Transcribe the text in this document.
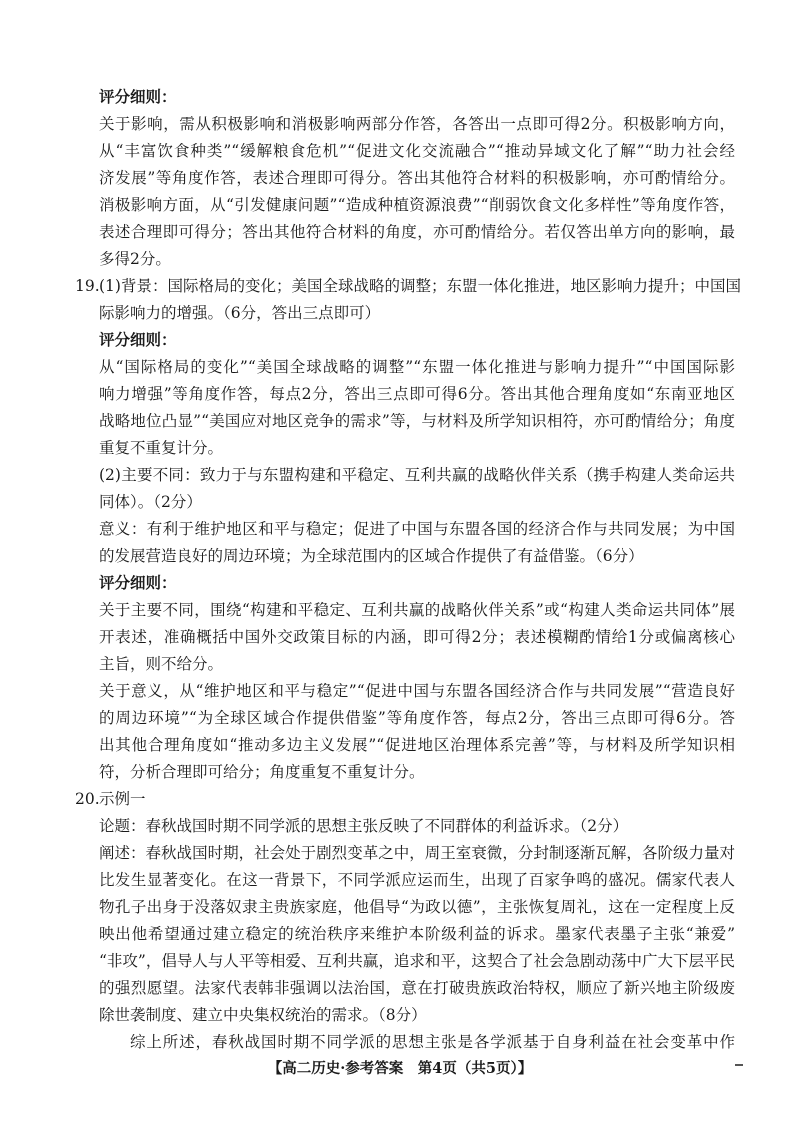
评分细则：
关于影响，需从积极影响和消极影响两部分作答，各答出一点即可得2分。积极影响方向，
从“丰富饮食种类”“缓解粮食危机”“促进文化交流融合”“推动异域文化了解”“助力社会经
济发展”等角度作答，表述合理即可得分。答出其他符合材料的积极影响，亦可酌情给分。
消极影响方面，从“引发健康问题”“造成种植资源浪费”“削弱饮食文化多样性”等角度作答，
表述合理即可得分；答出其他符合材料的角度，亦可酌情给分。若仅答出单方向的影响，最
多得2分。
19. (1)背景：国际格局的变化；美国全球战略的调整；东盟一体化推进，地区影响力提升；中国国
际影响力的增强。（6分，答出三点即可）
评分细则：
从“国际格局的变化”“美国全球战略的调整”“东盟一体化推进与影响力提升”“中国国际影
响力增强”等角度作答，每点2分，答出三点即可得6分。答出其他合理角度如“东南亚地区
战略地位凸显”“美国应对地区竞争的需求”等，与材料及所学知识相符，亦可酌情给分；角度
重复不重复计分。
(2)主要不同：致力于与东盟构建和平稳定、互利共赢的战略伙伴关系（携手构建人类命运共
同体）。（2分）
意义：有利于维护地区和平与稳定；促进了中国与东盟各国的经济合作与共同发展；为中国
的发展营造良好的周边环境；为全球范围内的区域合作提供了有益借鉴。（6分）
评分细则：
关于主要不同，围绕“构建和平稳定、互利共赢的战略伙伴关系”或“构建人类命运共同体”展
开表述，准确概括中国外交政策目标的内涵，即可得2分；表述模糊酌情给1分或偏离核心
主旨，则不给分。
关于意义，从“维护地区和平与稳定”“促进中国与东盟各国经济合作与共同发展”“营造良好
的周边环境”“为全球区域合作提供借鉴”等角度作答，每点2分，答出三点即可得6分。答
出其他合理角度如“推动多边主义发展”“促进地区治理体系完善”等，与材料及所学知识相
符，分析合理即可给分；角度重复不重复计分。
20. 示例一
论题：春秋战国时期不同学派的思想主张反映了不同群体的利益诉求。（2分）
阐述：春秋战国时期，社会处于剧烈变革之中，周王室衰微，分封制逐渐瓦解，各阶级力量对
比发生显著变化。在这一背景下，不同学派应运而生，出现了百家争鸣的盛况。儒家代表人
物孔子出身于没落奴隶主贵族家庭，他倡导“为政以德”，主张恢复周礼，这在一定程度上反
映出他希望通过建立稳定的统治秩序来维护本阶级利益的诉求。墨家代表墨子主张“兼爱”
“非攻”，倡导人与人平等相爱、互利共赢，追求和平，这契合了社会急剧动荡中广大下层平民
的强烈愿望。法家代表韩非强调以法治国，意在打破贵族政治特权，顺应了新兴地主阶级废
除世袭制度、建立中央集权统治的需求。（8分）
综上所述，春秋战国时期不同学派的思想主张是各学派基于自身利益在社会变革中作
【高二历史·参考答案　第4页（共5页）】
